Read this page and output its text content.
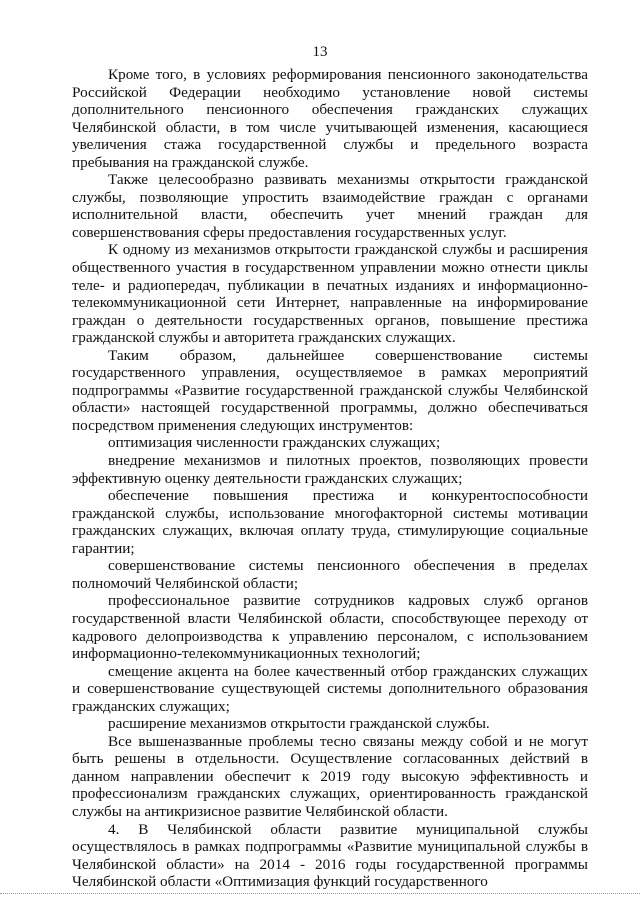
13

Кроме того, в условиях реформирования пенсионного законодательства Российской Федерации необходимо установление новой системы дополнительного пенсионного обеспечения гражданских служащих Челябинской области, в том числе учитывающей изменения, касающиеся увеличения стажа государственной службы и предельного возраста пребывания на гражданской службе.

Также целесообразно развивать механизмы открытости гражданской службы, позволяющие упростить взаимодействие граждан с органами исполнительной власти, обеспечить учет мнений граждан для совершенствования сферы предоставления государственных услуг.

К одному из механизмов открытости гражданской службы и расширения общественного участия в государственном управлении можно отнести циклы теле- и радиопередач, публикации в печатных изданиях и информационно-телекоммуникационной сети Интернет, направленные на информирование граждан о деятельности государственных органов, повышение престижа гражданской службы и авторитета гражданских служащих.

Таким образом, дальнейшее совершенствование системы государственного управления, осуществляемое в рамках мероприятий подпрограммы «Развитие государственной гражданской службы Челябинской области» настоящей государственной программы, должно обеспечиваться посредством применения следующих инструментов:

оптимизация численности гражданских служащих;

внедрение механизмов и пилотных проектов, позволяющих провести эффективную оценку деятельности гражданских служащих;

обеспечение повышения престижа и конкурентоспособности гражданской службы, использование многофакторной системы мотивации гражданских служащих, включая оплату труда, стимулирующие социальные гарантии;

совершенствование системы пенсионного обеспечения в пределах полномочий Челябинской области;

профессиональное развитие сотрудников кадровых служб органов государственной власти Челябинской области, способствующее переходу от кадрового делопроизводства к управлению персоналом, с использованием информационно-телекоммуникационных технологий;

смещение акцента на более качественный отбор гражданских служащих и совершенствование существующей системы дополнительного образования гражданских служащих;

расширение механизмов открытости гражданской службы.

Все вышеназванные проблемы тесно связаны между собой и не могут быть решены в отдельности. Осуществление согласованных действий в данном направлении обеспечит к 2019 году высокую эффективность и профессионализм гражданских служащих, ориентированность гражданской службы на антикризисное развитие Челябинской области.

4. В Челябинской области развитие муниципальной службы осуществлялось в рамках подпрограммы «Развитие муниципальной службы в Челябинской области» на 2014 - 2016 годы государственной программы Челябинской области «Оптимизация функций государственного
